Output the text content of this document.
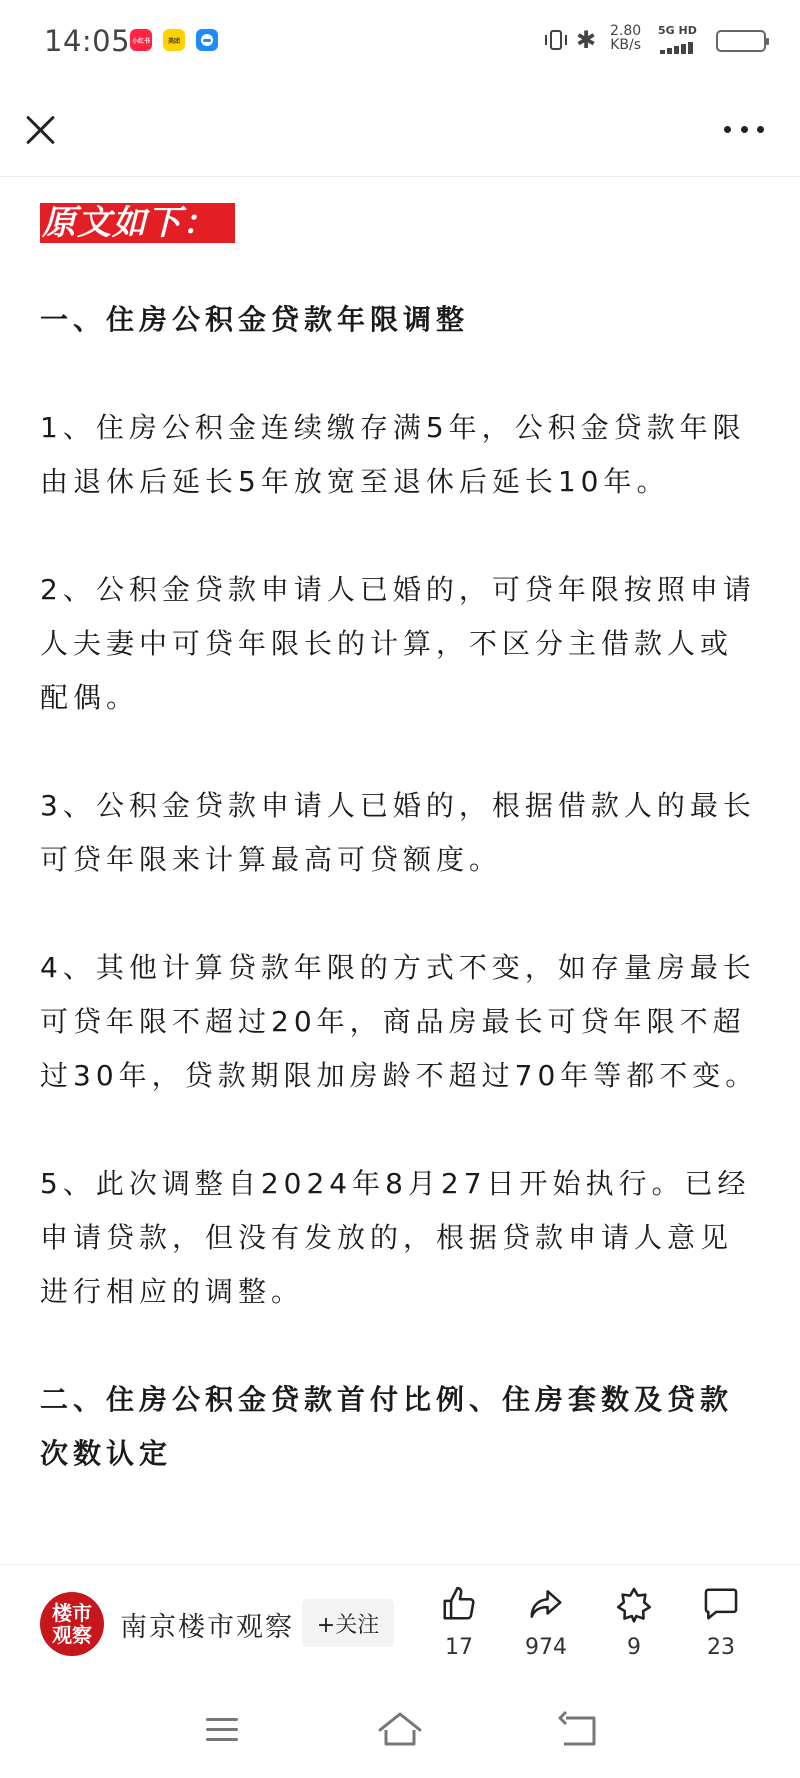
14:05 小红书	美团	✱ 2.80
KB/s
5G HD
原文如下：

一、住房公积金贷款年限调整

1、住房公积金连续缴存满5年，公积金贷款年限由退休后延长5年放宽至退休后延长10年。

2、公积金贷款申请人已婚的，可贷年限按照申请人夫妻中可贷年限长的计算，不区分主借款人或配偶。

3、公积金贷款申请人已婚的，根据借款人的最长可贷年限来计算最高可贷额度。

4、其他计算贷款年限的方式不变，如存量房最长可贷年限不超过20年，商品房最长可贷年限不超过30年，贷款期限加房龄不超过70年等都不变。

5、此次调整自2024年8月27日开始执行。已经申请贷款，但没有发放的，根据贷款申请人意见进行相应的调整。

二、住房公积金贷款首付比例、住房套数及贷款次数认定

楼市观察 南京楼市观察	+关注
17	974	9	23
